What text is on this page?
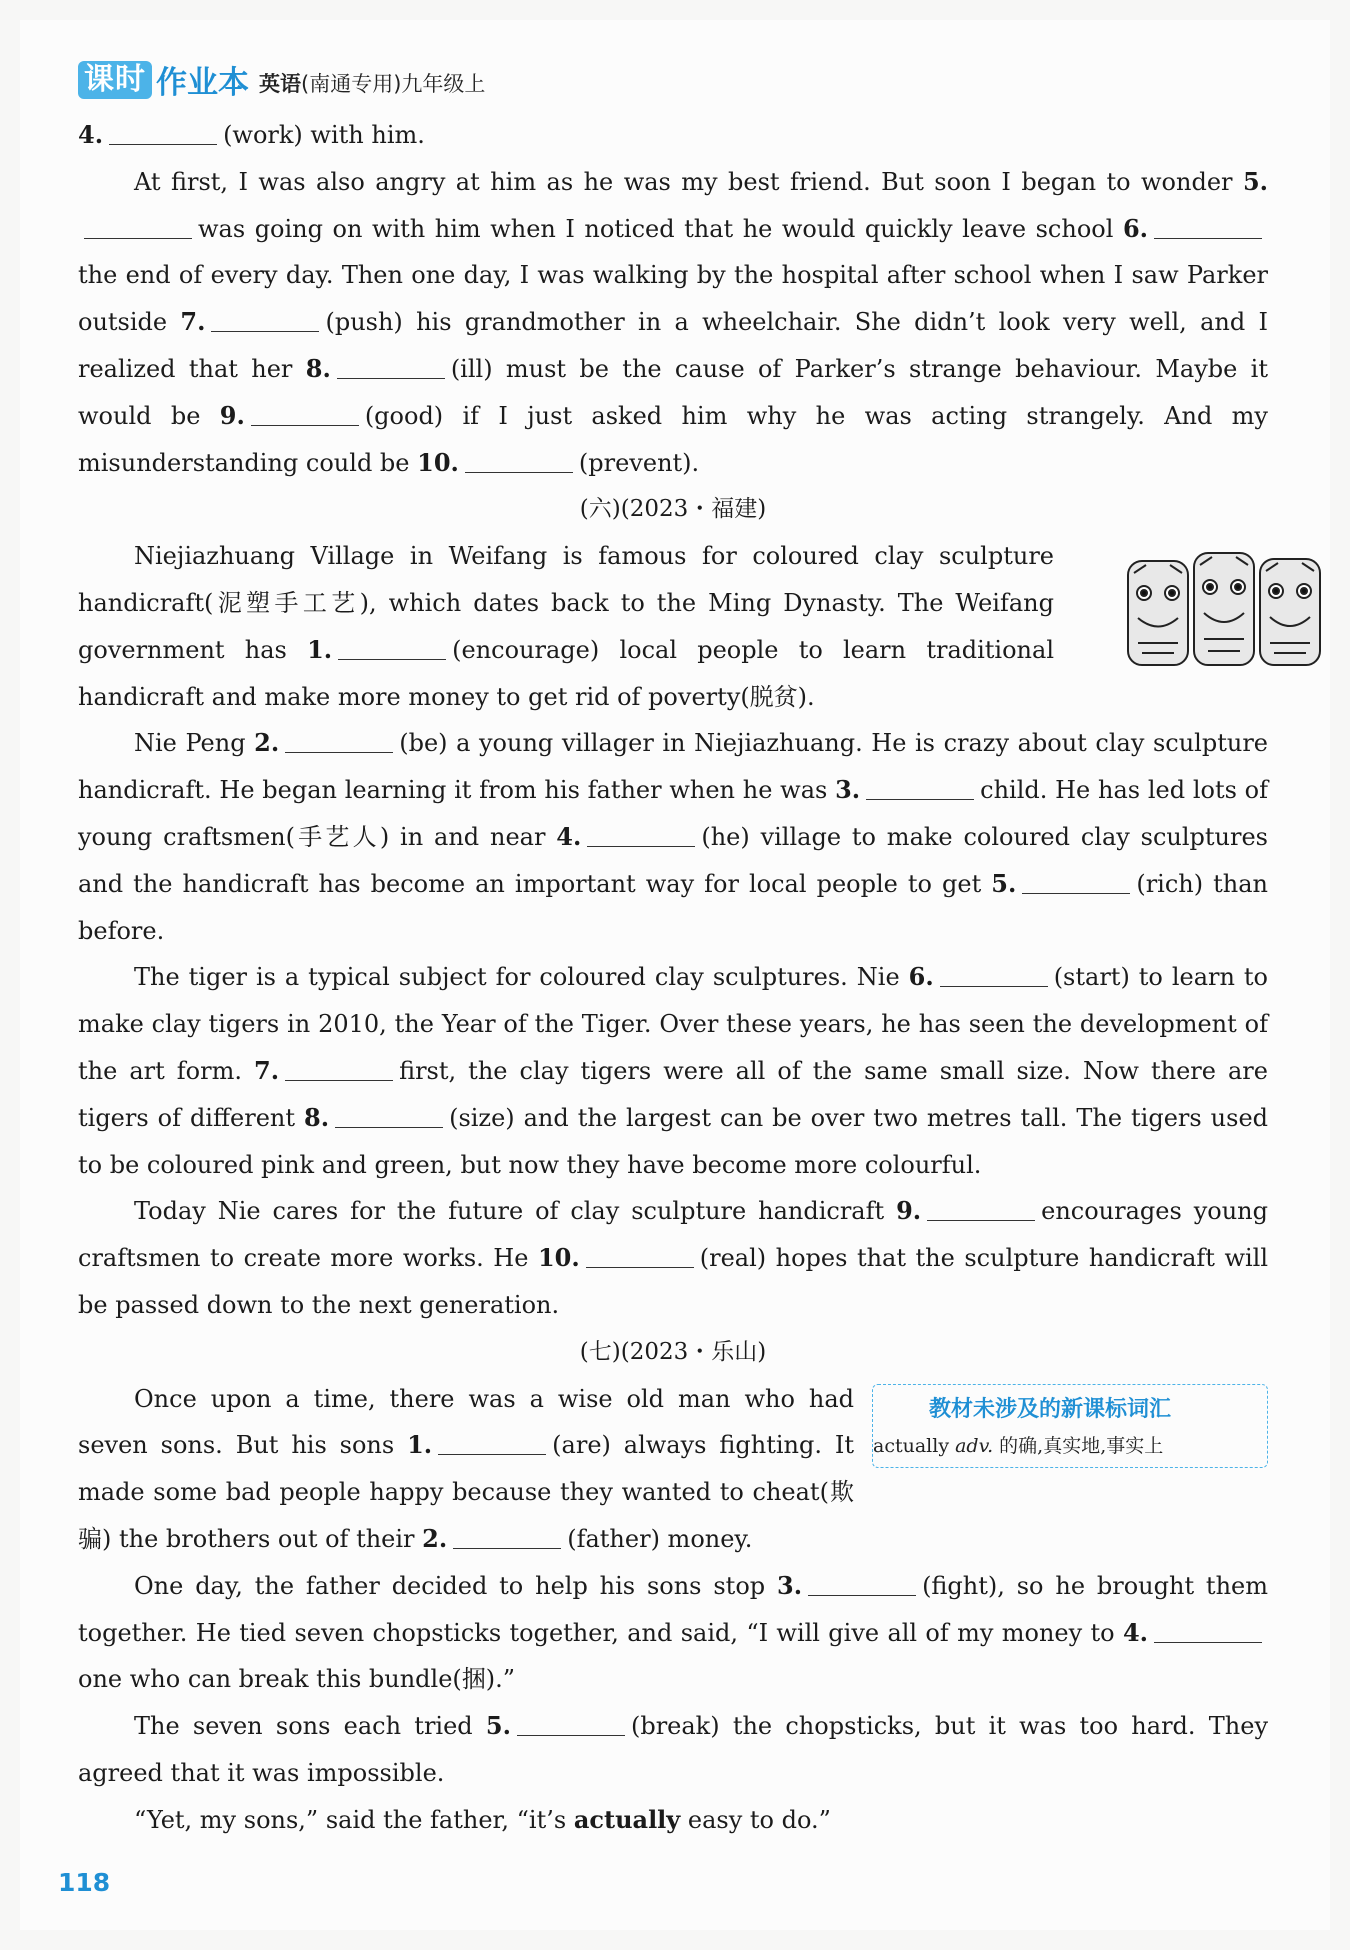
课时 作业本 英语(南通专用)九年级上

4.	(work) with him.

At first, I was also angry at him as he was my best friend. But soon I began to wonder 5.was going on with him when I noticed that he would quickly leave school 6.the end of every day. Then one day, I was walking by the hospital after school when I saw Parker outside 7.	(push) his grandmother in a wheelchair. She didn’t look very well, and I realized that her 8.	(ill) must be the cause of Parker’s strange behaviour. Maybe it would be 9.	(good) if I just asked him why he was acting strangely. And my misunderstanding could be 10.	(prevent).

(六)(2023・福建)

Niejiazhuang Village in Weifang is famous for coloured clay sculpture handicraft(泥塑手工艺), which dates back to the Ming Dynasty. The Weifang government has 1.	(encourage) local people to learn traditional handicraft and make more money to get rid of poverty(脱贫).

Nie Peng 2.	(be) a young villager in Niejiazhuang. He is crazy about clay sculpture handicraft. He began learning it from his father when he was 3.	child. He has led lots of young craftsmen(手艺人) in and near 4.	(he) village to make coloured clay sculptures and the handicraft has become an important way for local people to get 5.	(rich) than before.

The tiger is a typical subject for coloured clay sculptures. Nie 6.	(start) to learn to make clay tigers in 2010, the Year of the Tiger. Over these years, he has seen the development of the art form. 7.	first, the clay tigers were all of the same small size. Now there are tigers of different 8.	(size) and the largest can be over two metres tall. The tigers used to be coloured pink and green, but now they have become more colourful.

Today Nie cares for the future of clay sculpture handicraft 9.	encourages young craftsmen to create more works. He 10.	(real) hopes that the sculpture handicraft will be passed down to the next generation.

(七)(2023・乐山)

教材未涉及的新课标词汇
actually adv. 的确,真实地,事实上
Once upon a time, there was a wise old man who had seven sons. But his sons 1.	(are) always fighting. It made some bad people happy because they wanted to cheat(欺骗) the brothers out of their 2.	(father) money.

One day, the father decided to help his sons stop 3.	(fight), so he brought them together. He tied seven chopsticks together, and said, “I will give all of my money to 4.one who can break this bundle(捆).”

The seven sons each tried 5.	(break) the chopsticks, but it was too hard. They agreed that it was impossible.

“Yet, my sons,” said the father, “it’s actually easy to do.”

118
